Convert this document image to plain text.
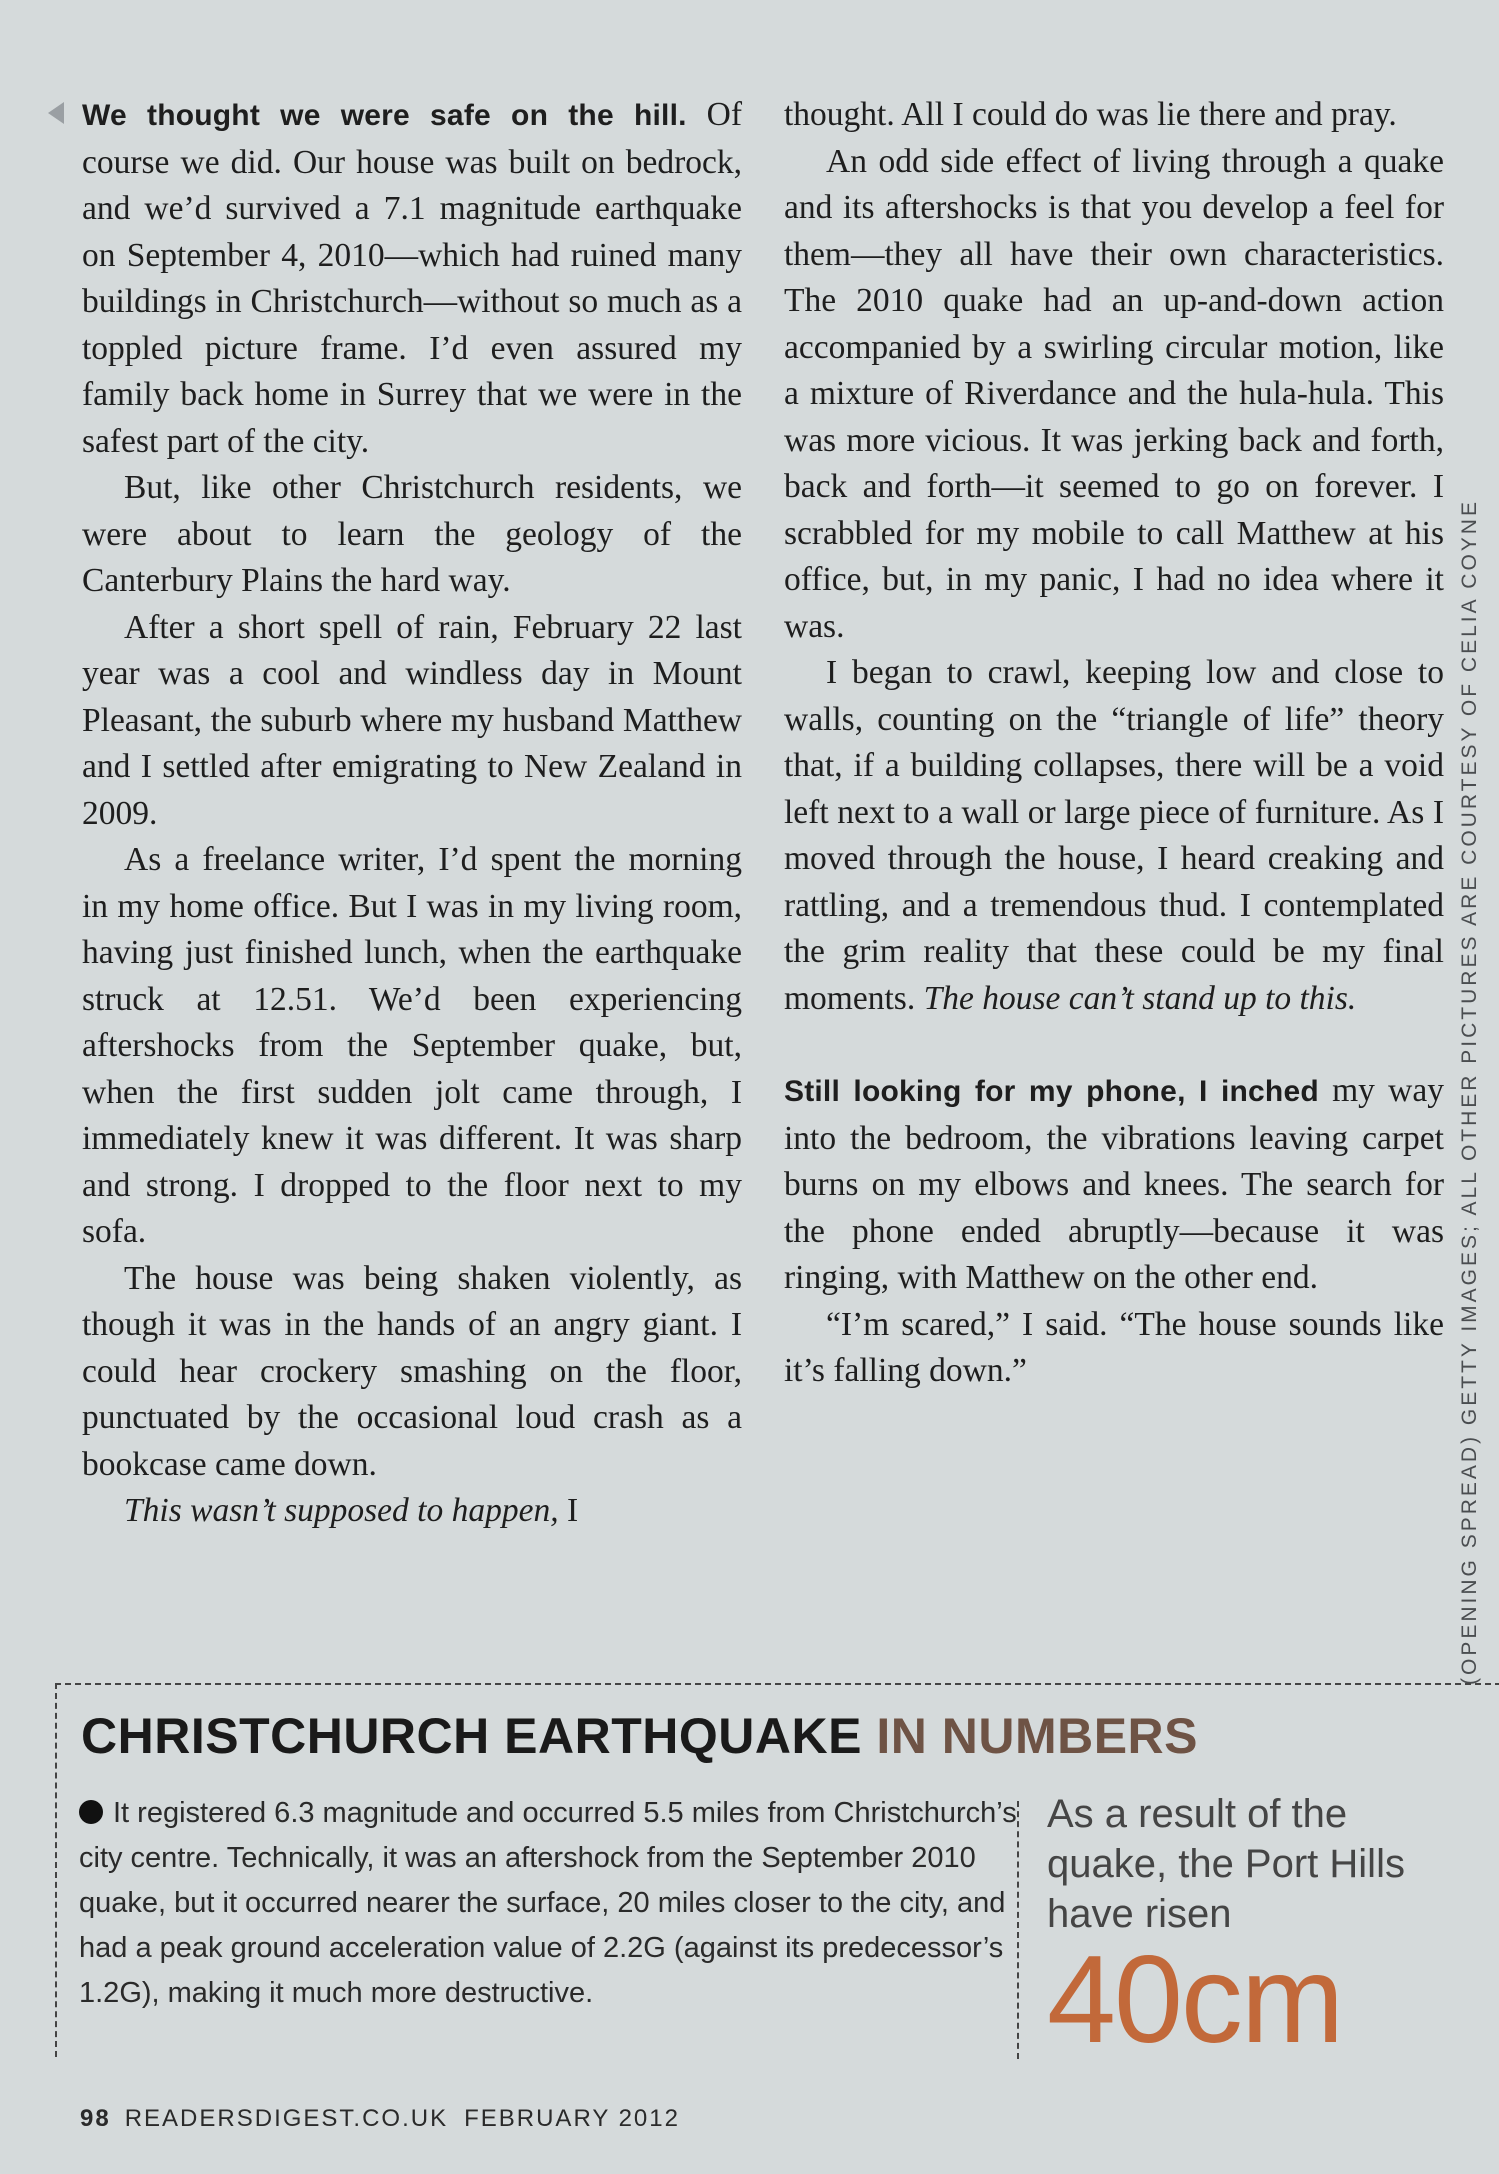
We thought we were safe on the hill. Of course we did. Our house was built on bedrock, and we’d survived a 7.1 magnitude earthquake on September 4, 2010—which had ruined many buildings in Christchurch—without so much as a toppled picture frame. I’d even assured my family back home in Surrey that we were in the safest part of the city.

But, like other Christchurch residents, we were about to learn the geology of the Canterbury Plains the hard way.

After a short spell of rain, February 22 last year was a cool and windless day in Mount Pleasant, the suburb where my husband Matthew and I settled after emigrating to New Zealand in 2009.

As a freelance writer, I’d spent the morning in my home office. But I was in my living room, having just finished lunch, when the earthquake struck at 12.51. We’d been experiencing aftershocks from the September quake, but, when the first sudden jolt came through, I immediately knew it was different. It was sharp and strong. I dropped to the floor next to my sofa.

The house was being shaken violently, as though it was in the hands of an angry giant. I could hear crockery smashing on the floor, punctuated by the occasional loud crash as a bookcase came down.

This wasn’t supposed to happen, I

thought. All I could do was lie there and pray.

An odd side effect of living through a quake and its aftershocks is that you develop a feel for them—they all have their own characteristics. The 2010 quake had an up-and-down action accompanied by a swirling circular motion, like a mixture of Riverdance and the hula-hula. This was more vicious. It was jerking back and forth, back and forth—it seemed to go on forever. I scrabbled for my mobile to call Matthew at his office, but, in my panic, I had no idea where it was.

I began to crawl, keeping low and close to walls, counting on the “triangle of life” theory that, if a building collapses, there will be a void left next to a wall or large piece of furniture. As I moved through the house, I heard creaking and rattling, and a tremendous thud. I contemplated the grim reality that these could be my final moments. The house can’t stand up to this.

Still looking for my phone, I inched my way into the bedroom, the vibrations leaving carpet burns on my elbows and knees. The search for the phone ended abruptly—because it was ringing, with Matthew on the other end.

“I’m scared,” I said. “The house sounds like it’s falling down.”	(OPENING SPREAD) GETTY IMAGES; ALL OTHER PICTURES ARE COURTESY OF CELIA COYNE
CHRISTCHURCH EARTHQUAKE IN NUMBERS
It registered 6.3 magnitude and occurred 5.5 miles from Christchurch’s city centre. Technically, it was an aftershock from the September 2010 quake, but it occurred nearer the surface, 20 miles closer to the city, and had a peak ground acceleration value of 2.2G (against its predecessor’s 1.2G), making it much more destructive.
As a result of the quake, the Port Hills have risen
40cm
98 READERSDIGEST.CO.UK FEBRUARY 2012
